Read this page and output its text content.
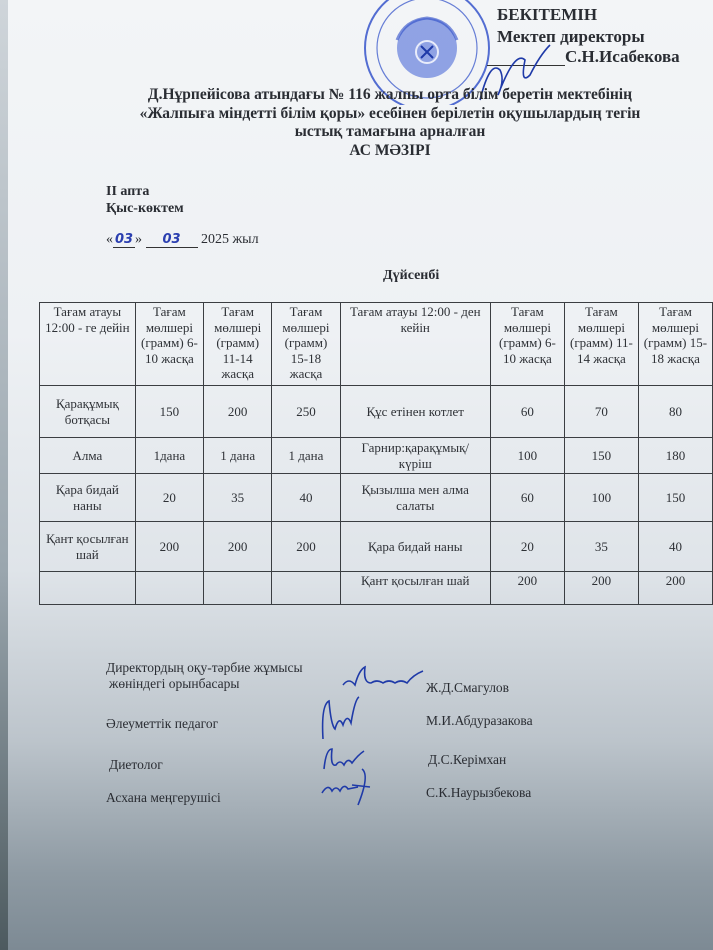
БЕКІТЕМІН
Мектеп директоры
С.Н.Исабекова
Д.Нұрпейісова атындағы № 116 жалпы орта білім беретін мектебінің
«Жалпыға міндетті білім қоры» есебінен берілетін оқушылардың тегін
ыстық тамағына арналған
АС МӘЗІРІ
II апта
Қыс-көктем
« 03 » 03 2025 жыл
Дүйсенбі
Тағам атауы 12:00 - ге дейін	Тағам мөлшері (грамм) 6-10 жасқа	Тағам мөлшері (грамм) 11-14 жасқа	Тағам мөлшері (грамм) 15-18 жасқа	Тағам атауы 12:00 - ден кейін	Тағам мөлшері (грамм) 6-10 жасқа	Тағам мөлшері (грамм) 11-14 жасқа	Тағам мөлшері (грамм) 15-18 жасқа
Қарақұмық ботқасы	150	200	250	Құс етінен котлет	60	70	80
Алма	1дана	1 дана	1 дана	Гарнир:қарақұмық/ күріш	100	150	180
Қара бидай наны	20	35	40	Қызылша мен алма салаты	60	100	150
Қант қосылған шай	200	200	200	Қара бидай наны	20	35	40
				Қант қосылған шай	200	200	200
Директордың оқу-тәрбие жұмысы
жөніндегі орынбасары	Ж.Д.Смагулов
Әлеуметтік педагог	М.И.Абдуразакова
Диетолог	Д.С.Керімхан
Асхана меңгерушісі	С.К.Наурызбекова
